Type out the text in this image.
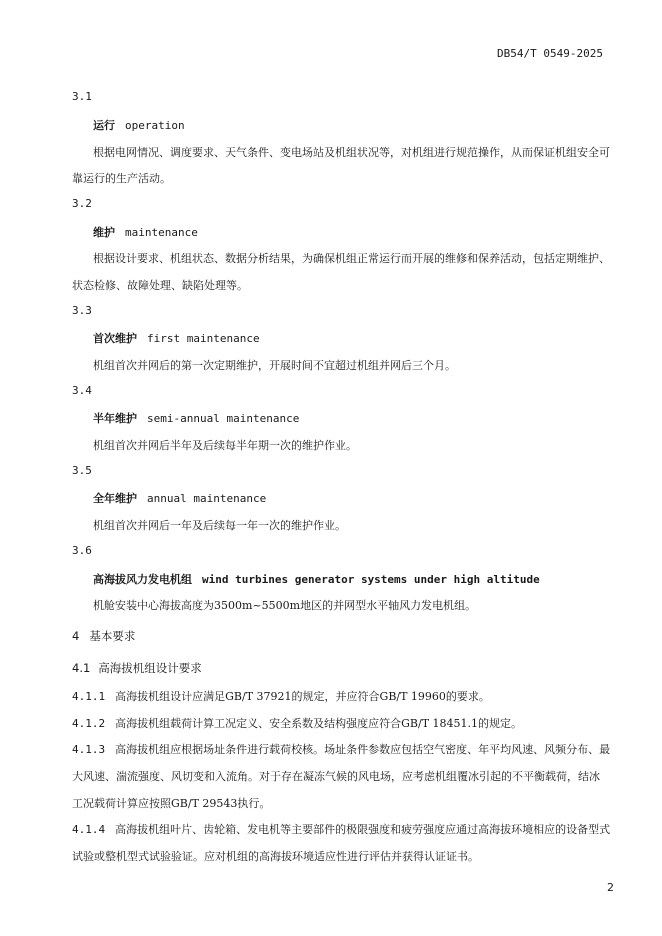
DB54/T 0549-2025
3.1
运行 operation
根据电网情况、调度要求、天气条件、变电场站及机组状况等，对机组进行规范操作，从而保证机组安全可
靠运行的生产活动。
3.2
维护 maintenance
根据设计要求、机组状态、数据分析结果，为确保机组正常运行而开展的维修和保养活动，包括定期维护、
状态检修、故障处理、缺陷处理等。
3.3
首次维护 first maintenance
机组首次并网后的第一次定期维护，开展时间不宜超过机组并网后三个月。
3.4
半年维护 semi-annual maintenance
机组首次并网后半年及后续每半年期一次的维护作业。
3.5
全年维护 annual maintenance
机组首次并网后一年及后续每一年一次的维护作业。
3.6
高海拔风力发电机组 wind turbines generator systems under high altitude
机舱安装中心海拔高度为3500m~5500m地区的并网型水平轴风力发电机组。
4 基本要求
4.1 高海拔机组设计要求
4.1.1 高海拔机组设计应满足GB/T 37921的规定，并应符合GB/T 19960的要求。
4.1.2 高海拔机组载荷计算工况定义、安全系数及结构强度应符合GB/T 18451.1的规定。
4.1.3 高海拔机组应根据场址条件进行载荷校核。场址条件参数应包括空气密度、年平均风速、风频分布、最
大风速、湍流强度、风切变和入流角。对于存在凝冻气候的风电场，应考虑机组覆冰引起的不平衡载荷，结冰
工况载荷计算应按照GB/T 29543执行。
4.1.4 高海拔机组叶片、齿轮箱、发电机等主要部件的极限强度和疲劳强度应通过高海拔环境相应的设备型式
试验或整机型式试验验证。应对机组的高海拔环境适应性进行评估并获得认证证书。
2
